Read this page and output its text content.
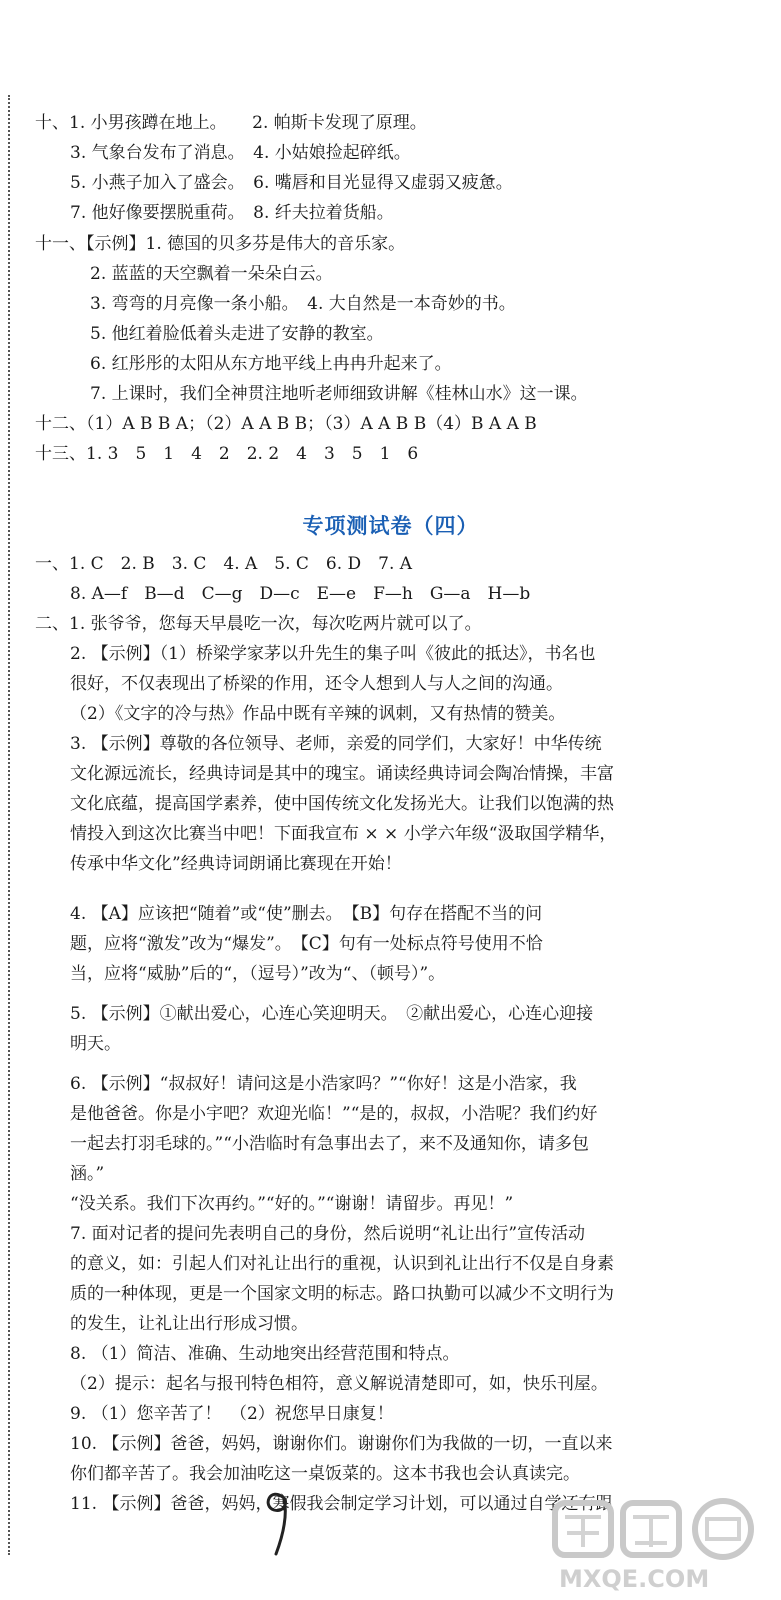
十、1. 小男孩蹲在地上。　　2. 帕斯卡发现了原理。
3. 气象台发布了消息。　4. 小姑娘捡起碎纸。
5. 小燕子加入了盛会。　6. 嘴唇和目光显得又虚弱又疲惫。
7. 他好像要摆脱重荷。　8. 纤夫拉着货船。
十一、【示例】1. 德国的贝多芬是伟大的音乐家。
2. 蓝蓝的天空飘着一朵朵白云。
3. 弯弯的月亮像一条小船。　4. 大自然是一本奇妙的书。
5. 他红着脸低着头走进了安静的教室。
6. 红彤彤的太阳从东方地平线上冉冉升起来了。
7. 上课时，我们全神贯注地听老师细致讲解《桂林山水》这一课。
十二、（1）A B B A；（2）A A B B；（3）A A B B（4）B A A B
十三、1. 3　5　1　4　2　2. 2　4　3　5　1　6
专项测试卷（四）
一、1. C　2. B　3. C　4. A　5. C　6. D　7. A
8. A—f　B—d　C—g　D—c　E—e　F—h　G—a　H—b
二、1. 张爷爷，您每天早晨吃一次，每次吃两片就可以了。
2. 【示例】（1）桥梁学家茅以升先生的集子叫《彼此的抵达》，书名也
很好，不仅表现出了桥梁的作用，还令人想到人与人之间的沟通。
（2）《文字的冷与热》作品中既有辛辣的讽刺，又有热情的赞美。
3. 【示例】尊敬的各位领导、老师，亲爱的同学们，大家好！中华传统
文化源远流长，经典诗词是其中的瑰宝。诵读经典诗词会陶冶情操，丰富
文化底蕴，提高国学素养，使中国传统文化发扬光大。让我们以饱满的热
情投入到这次比赛当中吧！下面我宣布 × × 小学六年级“汲取国学精华，
传承中华文化”经典诗词朗诵比赛现在开始！
4. 【A】应该把“随着”或“使”删去。　【B】句存在搭配不当的问
题，应将“激发”改为“爆发”。　【C】句有一处标点符号使用不恰
当，应将“威胁”后的“，（逗号）”改为“、（顿号）”。
5. 【示例】①献出爱心，心连心笑迎明天。　②献出爱心，心连心迎接
明天。
6. 【示例】“叔叔好！请问这是小浩家吗？”“你好！这是小浩家，我
是他爸爸。你是小宇吧？欢迎光临！”“是的，叔叔，小浩呢？我们约好
一起去打羽毛球的。”“小浩临时有急事出去了，来不及通知你，请多包
涵。”
“没关系。我们下次再约。”“好的。”“谢谢！请留步。再见！”
7. 面对记者的提问先表明自己的身份，然后说明“礼让出行”宣传活动
的意义，如：引起人们对礼让出行的重视，认识到礼让出行不仅是自身素
质的一种体现，更是一个国家文明的标志。路口执勤可以减少不文明行为
的发生，让礼让出行形成习惯。
8. （1）简洁、准确、生动地突出经营范围和特点。
（2）提示：起名与报刊特色相符，意义解说清楚即可，如，快乐刊屋。
9. （1）您辛苦了！　（2）祝您早日康复！
10. 【示例】爸爸，妈妈，谢谢你们。谢谢你们为我做的一切，一直以来
你们都辛苦了。我会加油吃这一桌饭菜的。这本书我也会认真读完。
11. 【示例】爸爸，妈妈，寒假我会制定学习计划，可以通过自学还有跟
MXQE.COM
